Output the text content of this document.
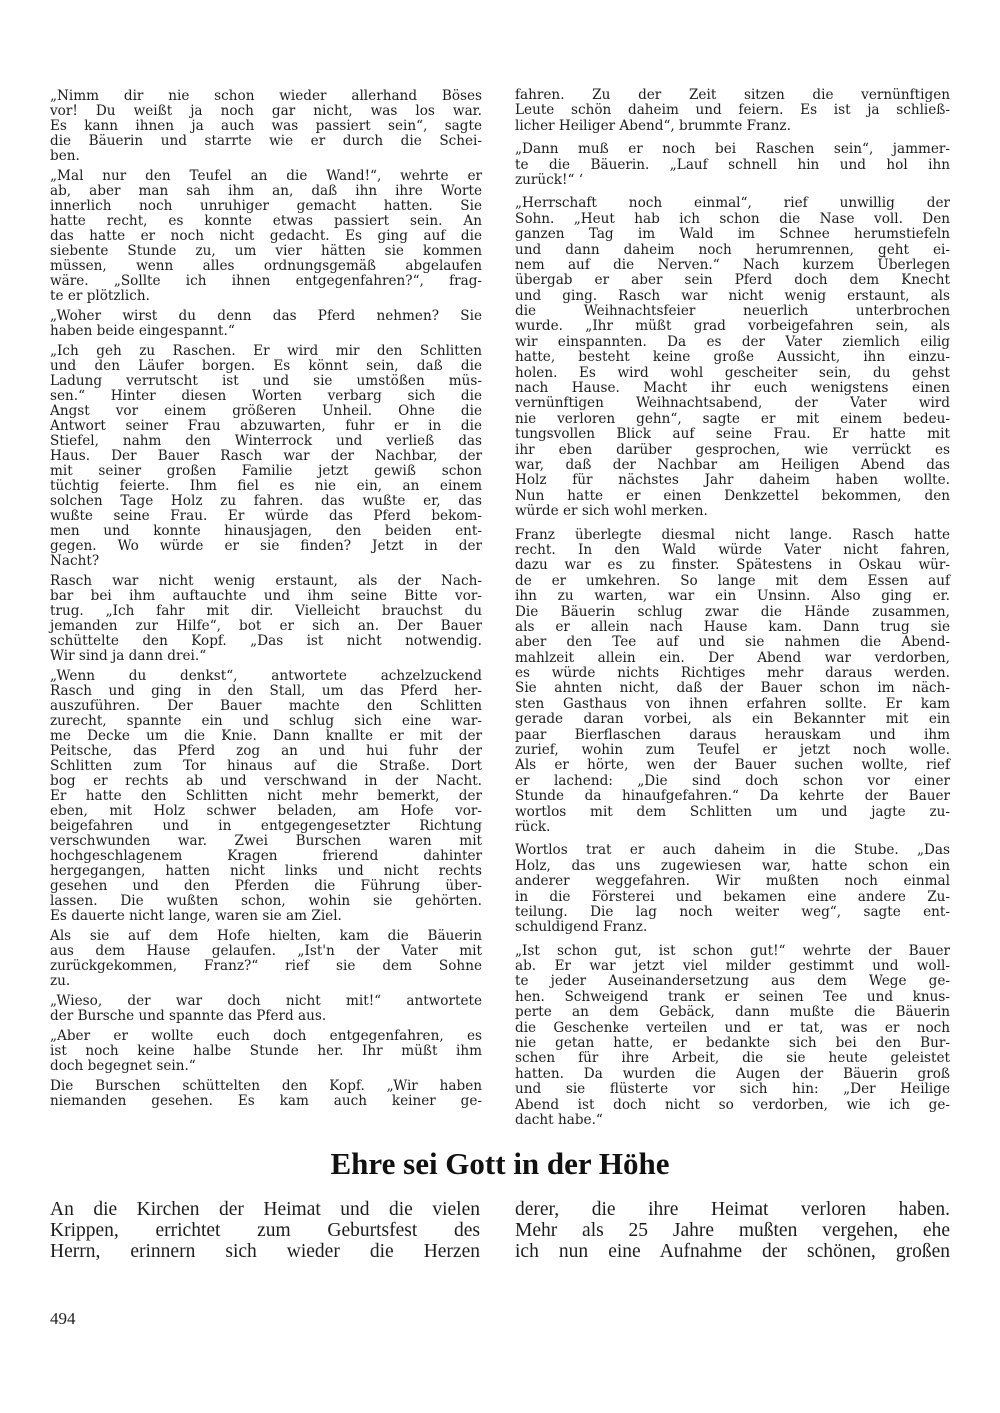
„Nimm dir nie schon wieder allerhand Böses
vor! Du weißt ja noch gar nicht, was los war.
Es kann ihnen ja auch was passiert sein“, sagte
die Bäuerin und starrte wie er durch die Schei-
ben.
„Mal nur den Teufel an die Wand!“, wehrte er
ab, aber man sah ihm an, daß ihn ihre Worte
innerlich noch unruhiger gemacht hatten. Sie
hatte recht, es konnte etwas passiert sein. An
das hatte er noch nicht gedacht. Es ging auf die
siebente Stunde zu, um vier hätten sie kommen
müssen, wenn alles ordnungsgemäß abgelaufen
wäre. „Sollte ich ihnen entgegenfahren?“, frag-
te er plötzlich.
„Woher wirst du denn das Pferd nehmen? Sie
haben beide eingespannt.“
„Ich geh zu Raschen. Er wird mir den Schlitten
und den Läufer borgen. Es könnt sein, daß die
Ladung verrutscht ist und sie umstößen müs-
sen.“ Hinter diesen Worten verbarg sich die
Angst vor einem größeren Unheil. Ohne die
Antwort seiner Frau abzuwarten, fuhr er in die
Stiefel, nahm den Winterrock und verließ das
Haus. Der Bauer Rasch war der Nachbar, der
mit seiner großen Familie jetzt gewiß schon
tüchtig feierte. Ihm fiel es nie ein, an einem
solchen Tage Holz zu fahren. das wußte er, das
wußte seine Frau. Er würde das Pferd bekom-
men und konnte hinausjagen, den beiden ent-
gegen. Wo würde er sie finden? Jetzt in der
Nacht?
Rasch war nicht wenig erstaunt, als der Nach-
bar bei ihm auftauchte und ihm seine Bitte vor-
trug. „Ich fahr mit dir. Vielleicht brauchst du
jemanden zur Hilfe“, bot er sich an. Der Bauer
schüttelte den Kopf. „Das ist nicht notwendig.
Wir sind ja dann drei.“
„Wenn du denkst“, antwortete achzelzuckend
Rasch und ging in den Stall, um das Pferd her-
auszuführen. Der Bauer machte den Schlitten
zurecht, spannte ein und schlug sich eine war-
me Decke um die Knie. Dann knallte er mit der
Peitsche, das Pferd zog an und hui fuhr der
Schlitten zum Tor hinaus auf die Straße. Dort
bog er rechts ab und verschwand in der Nacht.
Er hatte den Schlitten nicht mehr bemerkt, der
eben, mit Holz schwer beladen, am Hofe vor-
beigefahren und in entgegengesetzter Richtung
verschwunden war. Zwei Burschen waren mit
hochgeschlagenem Kragen frierend dahinter
hergegangen, hatten nicht links und nicht rechts
gesehen und den Pferden die Führung über-
lassen. Die wußten schon, wohin sie gehörten.
Es dauerte nicht lange, waren sie am Ziel.
Als sie auf dem Hofe hielten, kam die Bäuerin
aus dem Hause gelaufen. „Ist'n der Vater mit
zurückgekommen, Franz?“ rief sie dem Sohne
zu.
„Wieso, der war doch nicht mit!“ antwortete
der Bursche und spannte das Pferd aus.
„Aber er wollte euch doch entgegenfahren, es
ist noch keine halbe Stunde her. Ihr müßt ihm
doch begegnet sein.“
Die Burschen schüttelten den Kopf. „Wir haben
niemanden gesehen. Es kam auch keiner ge-
fahren. Zu der Zeit sitzen die vernünftigen
Leute schön daheim und feiern. Es ist ja schließ-
licher Heiliger Abend“, brummte Franz.
„Dann muß er noch bei Raschen sein“, jammer-
te die Bäuerin. „Lauf schnell hin und hol ihn
zurück!“ ‘
„Herrschaft noch einmal“, rief unwillig der
Sohn. „Heut hab ich schon die Nase voll. Den
ganzen Tag im Wald im Schnee herumstiefeln
und dann daheim noch herumrennen, geht ei-
nem auf die Nerven.“ Nach kurzem Überlegen
übergab er aber sein Pferd doch dem Knecht
und ging. Rasch war nicht wenig erstaunt, als
die Weihnachtsfeier neuerlich unterbrochen
wurde. „Ihr müßt grad vorbeigefahren sein, als
wir einspannten. Da es der Vater ziemlich eilig
hatte, besteht keine große Aussicht, ihn einzu-
holen. Es wird wohl gescheiter sein, du gehst
nach Hause. Macht ihr euch wenigstens einen
vernünftigen Weihnachtsabend, der Vater wird
nie verloren gehn“, sagte er mit einem bedeu-
tungsvollen Blick auf seine Frau. Er hatte mit
ihr eben darüber gesprochen, wie verrückt es
war, daß der Nachbar am Heiligen Abend das
Holz für nächstes Jahr daheim haben wollte.
Nun hatte er einen Denkzettel bekommen, den
würde er sich wohl merken.
Franz überlegte diesmal nicht lange. Rasch hatte
recht. In den Wald würde Vater nicht fahren,
dazu war es zu finster. Spätestens in Oskau wür-
de er umkehren. So lange mit dem Essen auf
ihn zu warten, war ein Unsinn. Also ging er.
Die Bäuerin schlug zwar die Hände zusammen,
als er allein nach Hause kam. Dann trug sie
aber den Tee auf und sie nahmen die Abend-
mahlzeit allein ein. Der Abend war verdorben,
es würde nichts Richtiges mehr daraus werden.
Sie ahnten nicht, daß der Bauer schon im näch-
sten Gasthaus von ihnen erfahren sollte. Er kam
gerade daran vorbei, als ein Bekannter mit ein
paar Bierflaschen daraus herauskam und ihm
zurief, wohin zum Teufel er jetzt noch wolle.
Als er hörte, wen der Bauer suchen wollte, rief
er lachend: „Die sind doch schon vor einer
Stunde da hinaufgefahren.“ Da kehrte der Bauer
wortlos mit dem Schlitten um und jagte zu-
rück.
Wortlos trat er auch daheim in die Stube. „Das
Holz, das uns zugewiesen war, hatte schon ein
anderer weggefahren. Wir mußten noch einmal
in die Försterei und bekamen eine andere Zu-
teilung. Die lag noch weiter weg“, sagte ent-
schuldigend Franz.
„Ist schon gut, ist schon gut!“ wehrte der Bauer
ab. Er war jetzt viel milder gestimmt und woll-
te jeder Auseinandersetzung aus dem Wege ge-
hen. Schweigend trank er seinen Tee und knus-
perte an dem Gebäck, dann mußte die Bäuerin
die Geschenke verteilen und er tat, was er noch
nie getan hatte, er bedankte sich bei den Bur-
schen für ihre Arbeit, die sie heute geleistet
hatten. Da wurden die Augen der Bäuerin groß
und sie flüsterte vor sich hin: „Der Heilige
Abend ist doch nicht so verdorben, wie ich ge-
dacht habe.“
Ehre sei Gott in der Höhe
An die Kirchen der Heimat und die vielen
Krippen, errichtet zum Geburtsfest des
Herrn, erinnern sich wieder die Herzen
derer, die ihre Heimat verloren haben.
Mehr als 25 Jahre mußten vergehen, ehe
ich nun eine Aufnahme der schönen, großen
494
